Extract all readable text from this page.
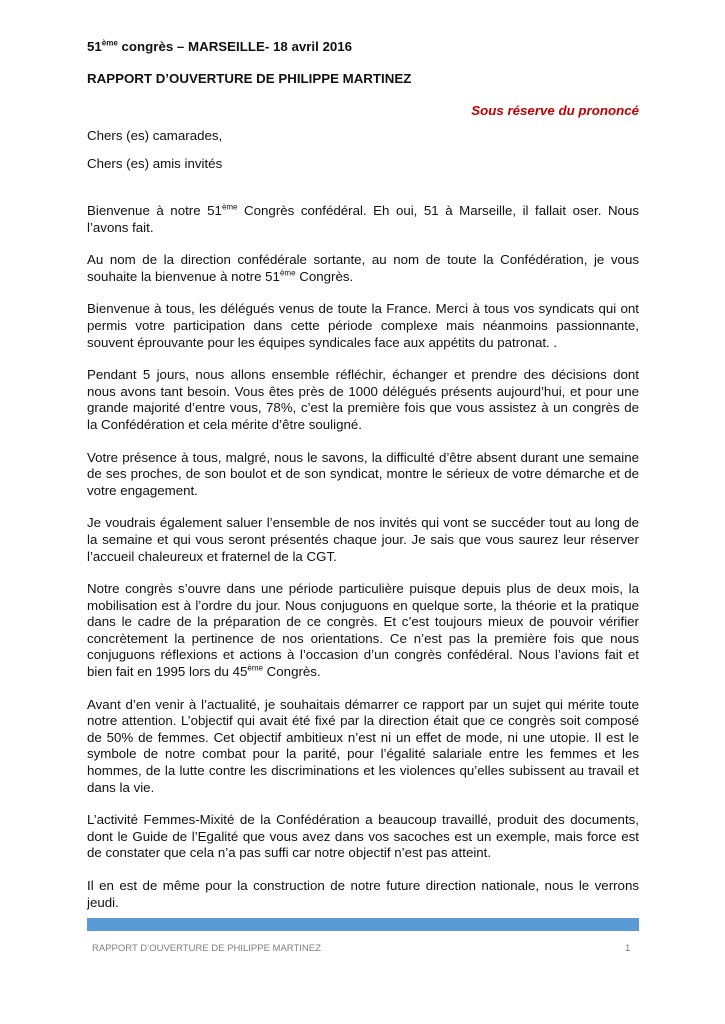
51ème congrès – MARSEILLE- 18 avril 2016

RAPPORT D’OUVERTURE DE PHILIPPE MARTINEZ

Sous réserve du prononcé

Chers (es) camarades,

Chers (es) amis invités

Bienvenue à notre 51ème Congrès confédéral. Eh oui, 51 à Marseille, il fallait oser. Nous l’avons fait.

Au nom de la direction confédérale sortante, au nom de toute la Confédération, je vous souhaite la bienvenue à notre 51ème Congrès.

Bienvenue à tous, les délégués venus de toute la France. Merci à tous vos syndicats qui ont permis votre participation dans cette période complexe mais néanmoins passionnante, souvent éprouvante pour les équipes syndicales face aux appétits du patronat. .

Pendant 5 jours, nous allons ensemble réfléchir, échanger et prendre des décisions dont nous avons tant besoin. Vous êtes près de 1000 délégués présents aujourd’hui, et pour une grande majorité d’entre vous, 78%, c’est la première fois que vous assistez à un congrès de la Confédération et cela mérite d’être souligné.

Votre présence à tous, malgré, nous le savons, la difficulté d’être absent durant une semaine de ses proches, de son boulot et de son syndicat, montre le sérieux de votre démarche et de votre engagement.

Je voudrais également saluer l’ensemble de nos invités qui vont se succéder tout au long de la semaine et qui vous seront présentés chaque jour. Je sais que vous saurez leur réserver l’accueil chaleureux et fraternel de la CGT.

Notre congrès s’ouvre dans une période particulière puisque depuis plus de deux mois, la mobilisation est à l’ordre du jour. Nous conjuguons en quelque sorte, la théorie et la pratique dans le cadre de la préparation de ce congrès. Et c’est toujours mieux de pouvoir vérifier concrètement la pertinence de nos orientations. Ce n’est pas la première fois que nous conjuguons réflexions et actions à l’occasion d’un congrès confédéral. Nous l’avions fait et bien fait en 1995 lors du 45ème Congrès.

Avant d’en venir à l’actualité, je souhaitais démarrer ce rapport par un sujet qui mérite toute notre attention. L’objectif qui avait été fixé par la direction était que ce congrès soit composé de 50% de femmes. Cet objectif ambitieux n’est ni un effet de mode, ni une utopie. Il est le symbole de notre combat pour la parité, pour l’égalité salariale entre les femmes et les hommes, de la lutte contre les discriminations et les violences qu’elles subissent au travail et dans la vie.

L’activité Femmes-Mixité de la Confédération a beaucoup travaillé, produit des documents, dont le Guide de l’Egalité que vous avez dans vos sacoches est un exemple, mais force est de constater que cela n’a pas suffi car notre objectif n’est pas atteint.

Il en est de même pour la construction de notre future direction nationale, nous le verrons jeudi.

RAPPORT D’OUVERTURE DE PHILIPPE MARTINEZ	1
